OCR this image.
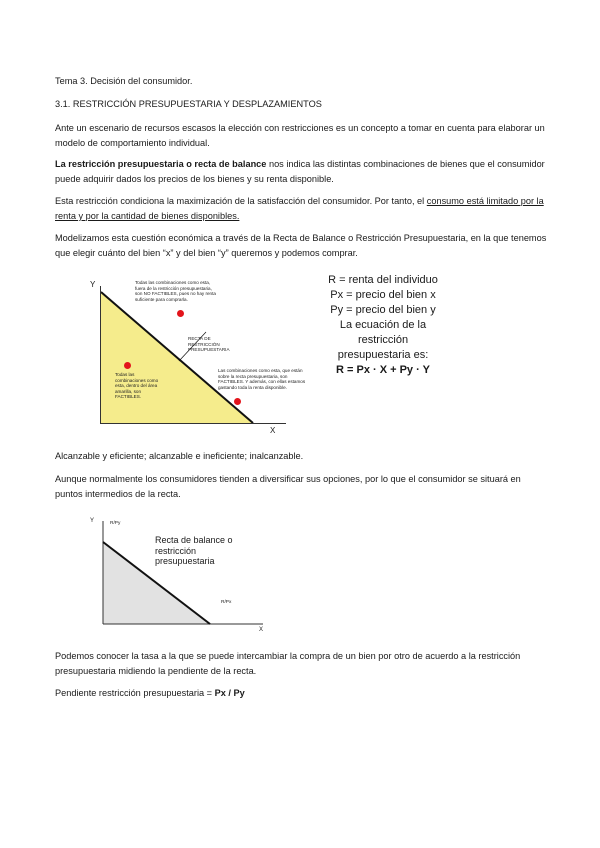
Tema 3. Decisión del consumidor.

3.1. RESTRICCIÓN PRESUPUESTARIA Y DESPLAZAMIENTOS

Ante un escenario de recursos escasos la elección con restricciones es un concepto a tomar en cuenta para elaborar un modelo de comportamiento individual.

La restricción presupuestaria o recta de balance nos indica las distintas combinaciones de bienes que el consumidor puede adquirir dados los precios de los bienes y su renta disponible.

Esta restricción condiciona la maximización de la satisfacción del consumidor. Por tanto, el consumo está limitado por la renta y por la cantidad de bienes disponibles.

Modelizamos esta cuestión económica a través de la Recta de Balance o Restricción Presupuestaria, en la que tenemos que elegir cuánto del bien “x” y del bien “y” queremos y podemos comprar.

Y
X
Todas las combinaciones como esta, fuera de la restricción presupuestaria, son NO FACTIBLES, pues no hay renta suficiente para comprarla.
RECTA DE RESTRICCIÓN PRESUPUESTARIA
Todas las combinaciones como esta, dentro del área amarilla, son FACTIBLES.
Las combinaciones como esta, que están sobre la recta presupuestaria, son FACTIBLES. Y además, con ellas estamos gastando toda la renta disponible.
R = renta del individuo
Px = precio del bien x
Py = precio del bien y
La ecuación de la
restricción
presupuestaria es:
R = Px · X + Py · Y

Alcanzable y eficiente; alcanzable e ineficiente; inalcanzable.

Aunque normalmente los consumidores tienden a diversificar sus opciones, por lo que el consumidor se situará en puntos intermedios de la recta.

Y
X
R/Py
R/Px
Recta de balance o
restricción
presupuestaria

Podemos conocer la tasa a la que se puede intercambiar la compra de un bien por otro de acuerdo a la restricción presupuestaria midiendo la pendiente de la recta.

Pendiente restricción presupuestaria = Px / Py
